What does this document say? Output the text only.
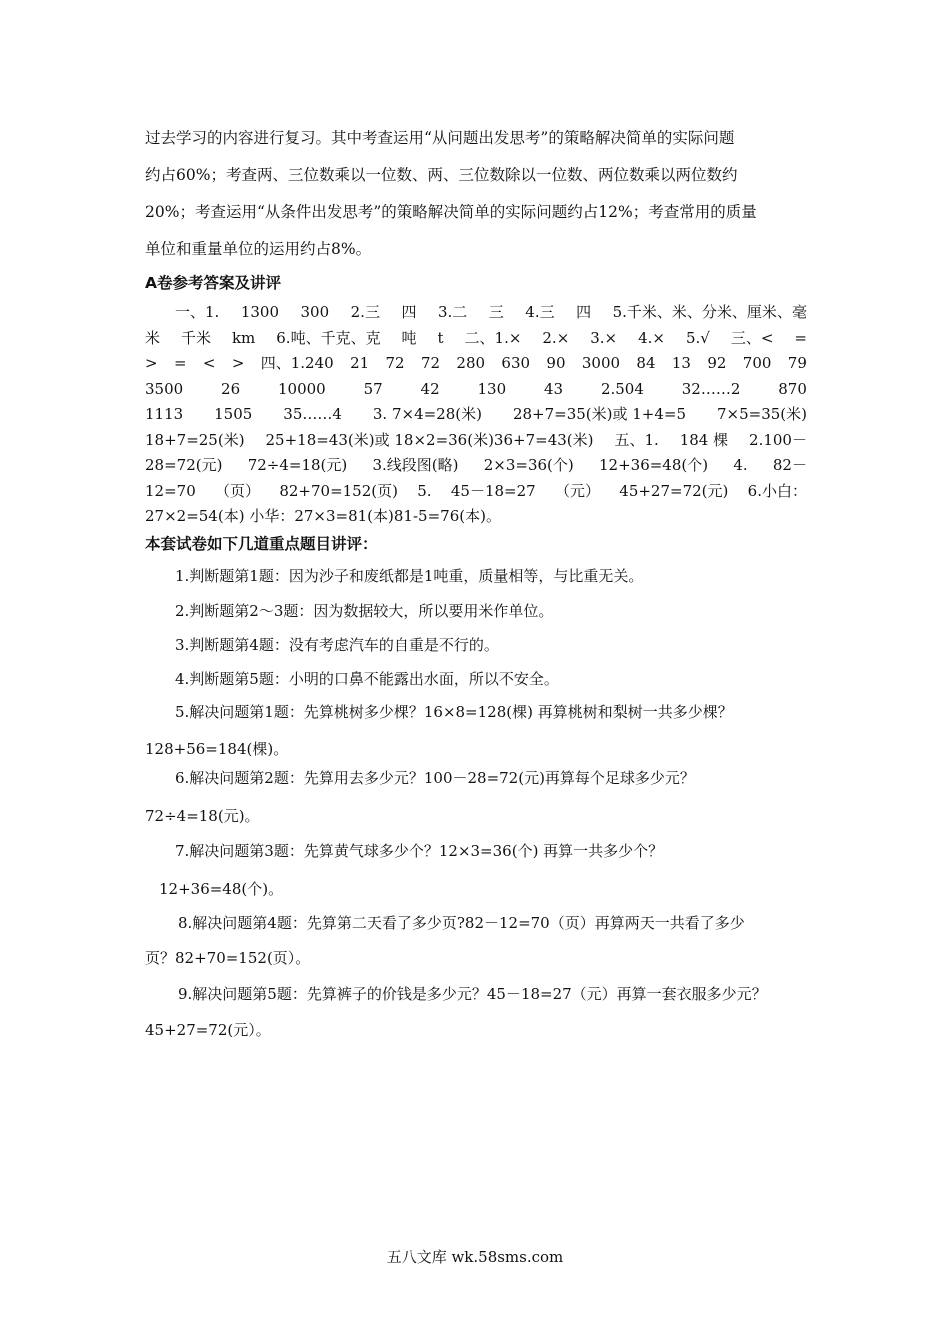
过去学习的内容进行复习。其中考查运用“从问题出发思考”的策略解决简单的实际问题

约占60%；考查两、三位数乘以一位数、两、三位数除以一位数、两位数乘以两位数约

20%；考查运用“从条件出发思考”的策略解决简单的实际问题约占12%；考查常用的质量

单位和重量单位的运用约占8%。

A卷参考答案及讲评
一、1. 1300 300 2.三 四 3.二 三 4.三 四 5.千米、米、分米、厘米、毫
米 千米 km 6.吨、千克、克 吨 t 二、1.× 2.× 3.× 4.× 5.√ 三、< =
> = < > 四、1.240 21 72 72 280 630 90 3000 84 13 92 700 79
3500	26	10000	57	42	130	43	2.504	32……2	870
1113 1505 35……4 3. 7×4=28(米) 28+7=35(米)或 1+4=5 7×5=35(米)
18+7=25(米) 25+18=43(米)或 18×2=36(米)36+7=43(米) 五、1. 184 棵 2.100－
28=72(元) 72÷4=18(元) 3.线段图(略) 2×3=36(个) 12+36=48(个) 4. 82－
12=70 （页） 82+70=152(页) 5. 45－18=27 （元） 45+27=72(元) 6.小白：
27×2=54(本) 小华：27×3=81(本)81-5=76(本)。
本套试卷如下几道重点题目讲评：
1.判断题第1题：因为沙子和废纸都是1吨重，质量相等，与比重无关。
2.判断题第2～3题：因为数据较大，所以要用米作单位。
3.判断题第4题：没有考虑汽车的自重是不行的。
4.判断题第5题：小明的口鼻不能露出水面，所以不安全。
5.解决问题第1题：先算桃树多少棵？16×8=128(棵) 再算桃树和梨树一共多少棵？
128+56=184(棵)。
6.解决问题第2题：先算用去多少元？100－28=72(元)再算每个足球多少元？
72÷4=18(元)。
7.解决问题第3题：先算黄气球多少个？12×3=36(个) 再算一共多少个？
12+36=48(个)。
8.解决问题第4题：先算第二天看了多少页?82－12=70（页）再算两天一共看了多少
页？82+70=152(页）。
9.解决问题第5题：先算裤子的价钱是多少元？45－18=27（元）再算一套衣服多少元？
45+27=72(元）。
五八文库 wk.58sms.com
